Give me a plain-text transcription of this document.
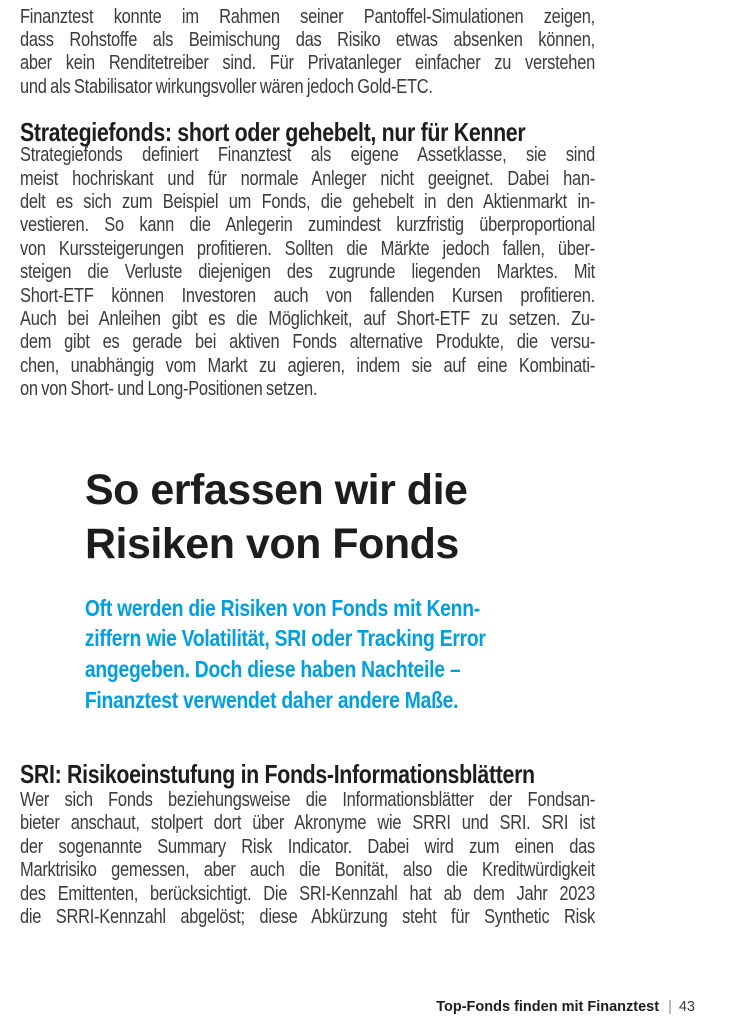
Finanztest konnte im Rahmen seiner Pantoffel-Simulationen zeigen,
dass Rohstoffe als Beimischung das Risiko etwas absenken können,
aber kein Renditetreiber sind. Für Privatanleger einfacher zu verstehen
und als Stabilisator wirkungsvoller wären jedoch Gold-ETC.
Strategiefonds: short oder gehebelt, nur für Kenner
Strategiefonds definiert Finanztest als eigene Assetklasse, sie sind
meist hochriskant und für normale Anleger nicht geeignet. Dabei han-
delt es sich zum Beispiel um Fonds, die gehebelt in den Aktienmarkt in-
vestieren. So kann die Anlegerin zumindest kurzfristig überproportional
von Kurssteigerungen profitieren. Sollten die Märkte jedoch fallen, über-
steigen die Verluste diejenigen des zugrunde liegenden Marktes. Mit
Short-ETF können Investoren auch von fallenden Kursen profitieren.
Auch bei Anleihen gibt es die Möglichkeit, auf Short-ETF zu setzen. Zu-
dem gibt es gerade bei aktiven Fonds alternative Produkte, die versu-
chen, unabhängig vom Markt zu agieren, indem sie auf eine Kombinati-
on von Short- und Long-Positionen setzen.
Oft werden die Risiken von Fonds mit Kenn-
ziffern wie Volatilität, SRI oder Tracking Error
angegeben. Doch diese haben Nachteile –
Finanztest verwendet daher andere Maße.
SRI: Risikoeinstufung in Fonds-Informationsblättern
Wer sich Fonds beziehungsweise die Informationsblätter der Fondsan-
bieter anschaut, stolpert dort über Akronyme wie SRRI und SRI. SRI ist
der sogenannte Summary Risk Indicator. Dabei wird zum einen das
Marktrisiko gemessen, aber auch die Bonität, also die Kreditwürdigkeit
des Emittenten, berücksichtigt. Die SRI-Kennzahl hat ab dem Jahr 2023
die SRRI-Kennzahl abgelöst; diese Abkürzung steht für Synthetic Risk
So erfassen wir die
Risiken von Fonds
Top-Fonds finden mit Finanztest | 43
